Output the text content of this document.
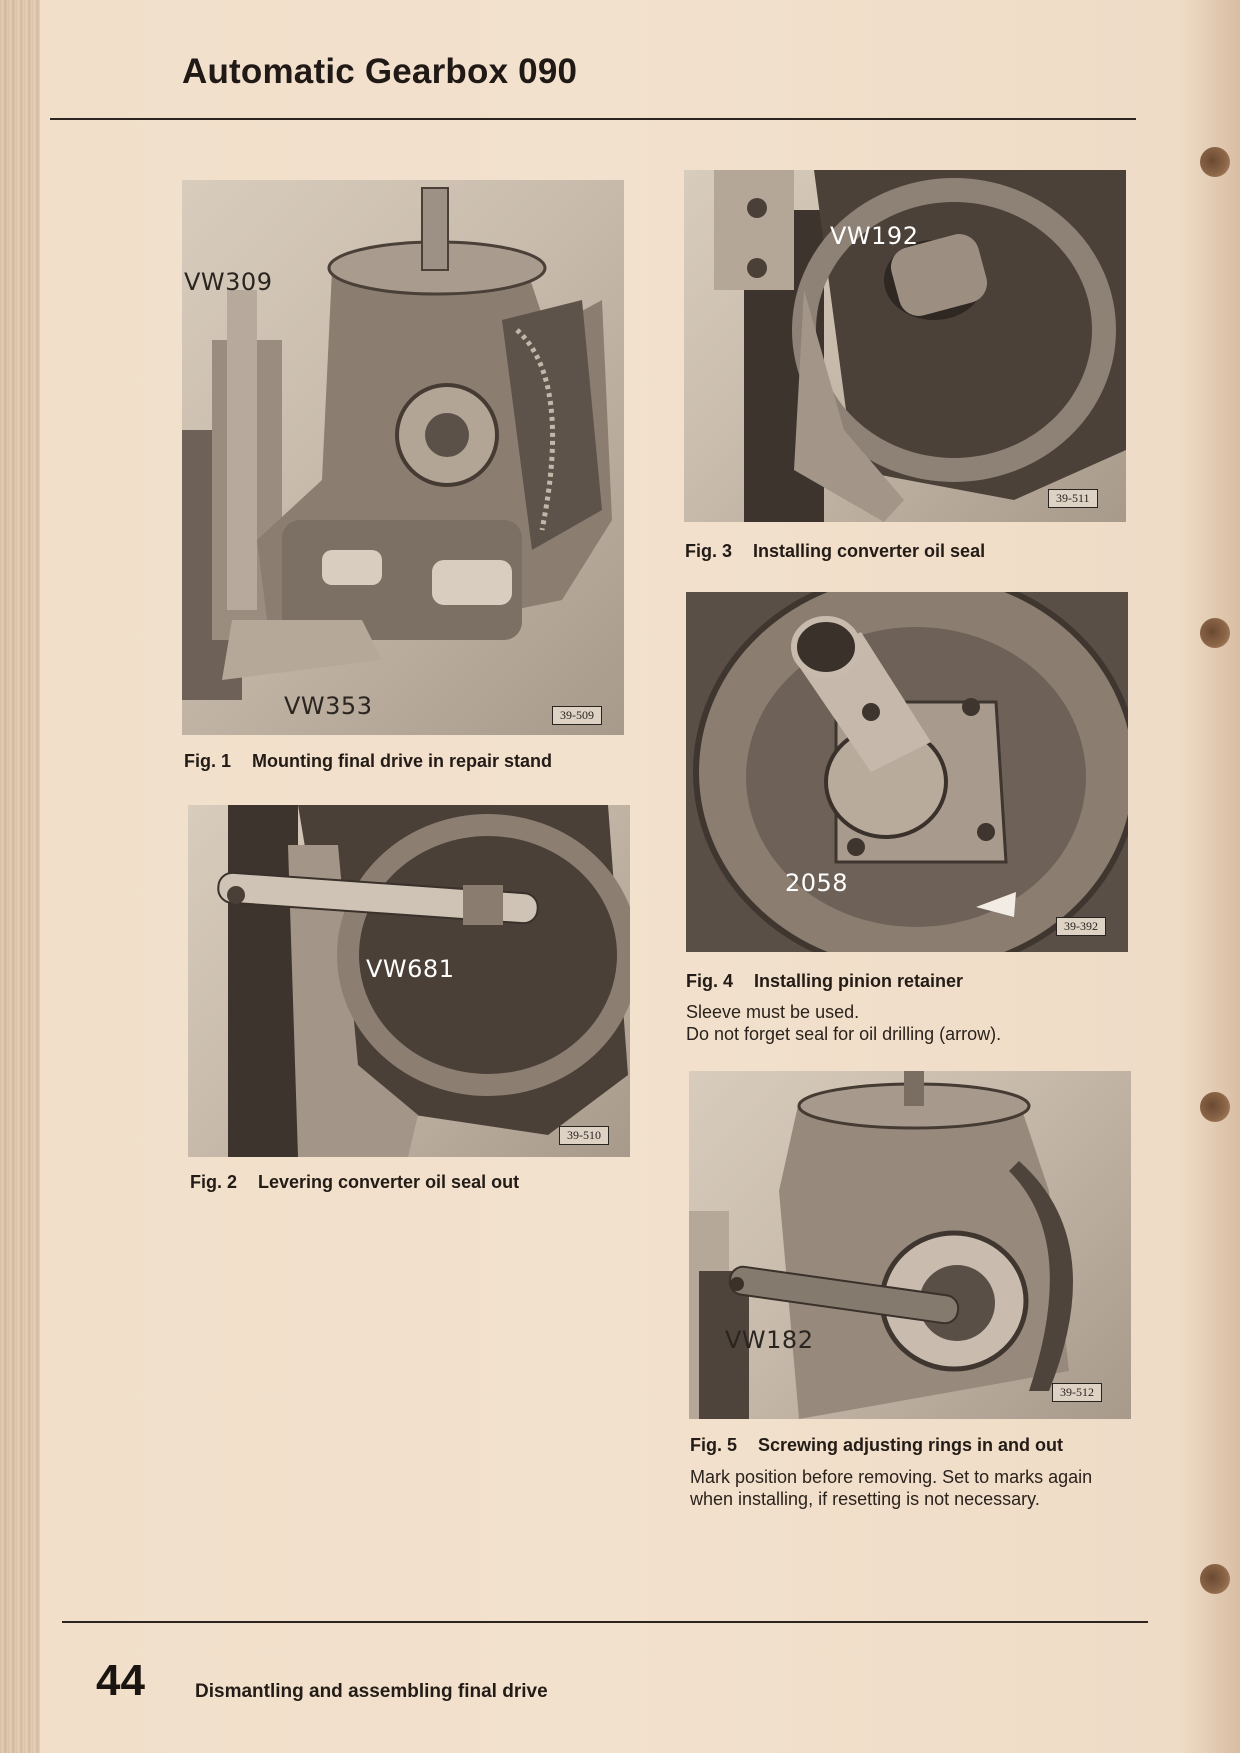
Automatic Gearbox 090
VW309
VW353	39-509
Fig. 1 Mounting final drive in repair stand
VW681
39-510
Fig. 2 Levering converter oil seal out
VW192
39-511
Fig. 3 Installing converter oil seal
2058
39-392
Fig. 4 Installing pinion retainer

Sleeve must be used.

Do not forget seal for oil drilling (arrow).

VW182
39-512
Fig. 5 Screwing adjusting rings in and out

Mark position before removing. Set to marks again

when installing, if resetting is not necessary.

44	Dismantling and assembling final drive
